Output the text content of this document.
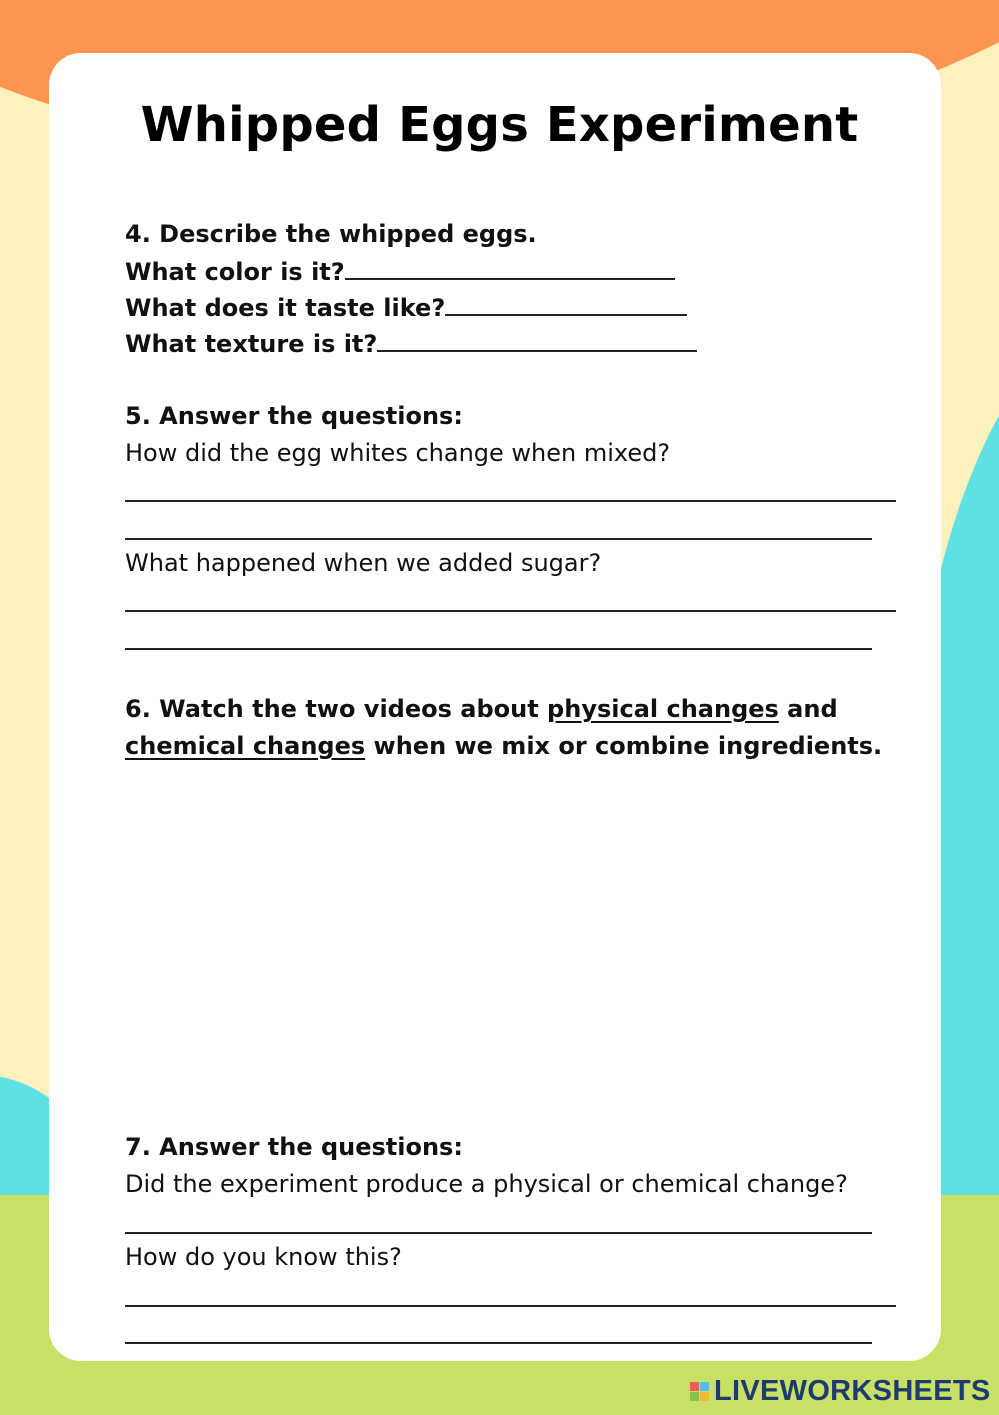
Whipped Eggs Experiment
4. Describe the whipped eggs.
What color is it?
What does it taste like?
What texture is it?
5. Answer the questions:
How did the egg whites change when mixed?
What happened when we added sugar?
6. Watch the two videos about physical changes and
chemical changes when we mix or combine ingredients.
7. Answer the questions:
Did the experiment produce a physical or chemical change?
How do you know this?
LIVEWORKSHEETS
